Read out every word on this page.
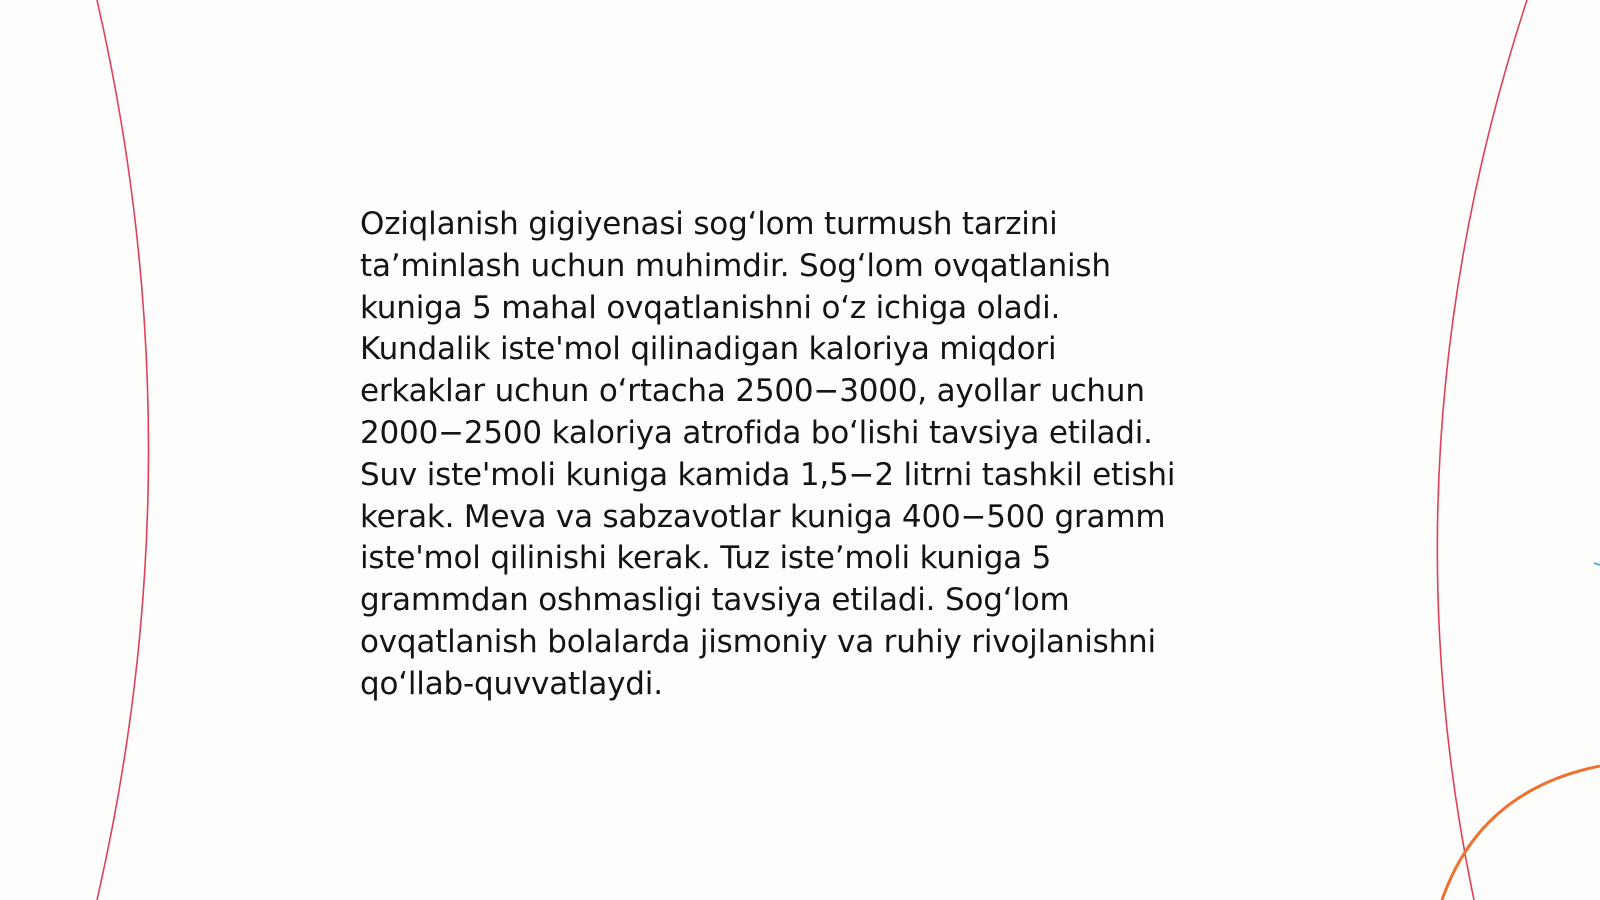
Oziqlanish gigiyenasi sog‘lom turmush tarzini
ta’minlash uchun muhimdir. Sog‘lom ovqatlanish
kuniga 5 mahal ovqatlanishni o‘z ichiga oladi.
Kundalik iste'mol qilinadigan kaloriya miqdori
erkaklar uchun o‘rtacha 2500−3000, ayollar uchun
2000−2500 kaloriya atrofida bo‘lishi tavsiya etiladi.
Suv iste'moli kuniga kamida 1,5−2 litrni tashkil etishi
kerak. Meva va sabzavotlar kuniga 400−500 gramm
iste'mol qilinishi kerak. Tuz iste’moli kuniga 5
grammdan oshmasligi tavsiya etiladi. Sog‘lom
ovqatlanish bolalarda jismoniy va ruhiy rivojlanishni
qo‘llab-quvvatlaydi.
